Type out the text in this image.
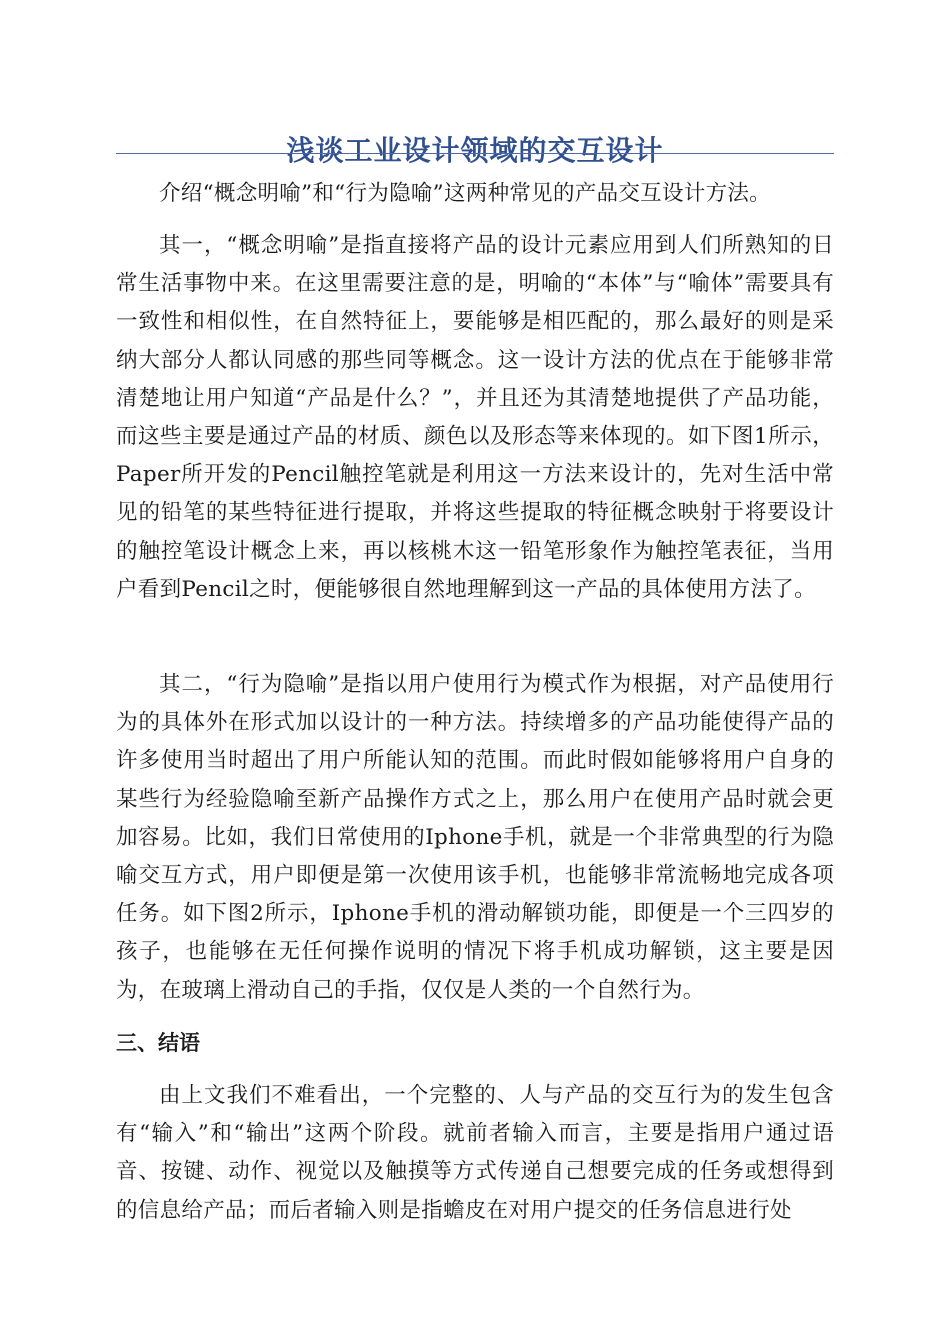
浅谈工业设计领域的交互设计

介绍“概念明喻”和“行为隐喻”这两种常见的产品交互设计方法。

其一，“概念明喻”是指直接将产品的设计元素应用到人们所熟知的日常生活事物中来。在这里需要注意的是，明喻的“本体”与“喻体”需要具有一致性和相似性，在自然特征上，要能够是相匹配的，那么最好的则是采纳大部分人都认同感的那些同等概念。这一设计方法的优点在于能够非常清楚地让用户知道“产品是什么？”，并且还为其清楚地提供了产品功能，而这些主要是通过产品的材质、颜色以及形态等来体现的。如下图1所示，Paper所开发的Pencil触控笔就是利用这一方法来设计的，先对生活中常见的铅笔的某些特征进行提取，并将这些提取的特征概念映射于将要设计的触控笔设计概念上来，再以核桃木这一铅笔形象作为触控笔表征，当用户看到Pencil之时，便能够很自然地理解到这一产品的具体使用方法了。

其二，“行为隐喻”是指以用户使用行为模式作为根据，对产品使用行为的具体外在形式加以设计的一种方法。持续增多的产品功能使得产品的许多使用当时超出了用户所能认知的范围。而此时假如能够将用户自身的某些行为经验隐喻至新产品操作方式之上，那么用户在使用产品时就会更加容易。比如，我们日常使用的Iphone手机，就是一个非常典型的行为隐喻交互方式，用户即便是第一次使用该手机，也能够非常流畅地完成各项任务。如下图2所示，Iphone手机的滑动解锁功能，即便是一个三四岁的孩子，也能够在无任何操作说明的情况下将手机成功解锁，这主要是因为，在玻璃上滑动自己的手指，仅仅是人类的一个自然行为。

三、结语

由上文我们不难看出，一个完整的、人与产品的交互行为的发生包含有“输入”和“输出”这两个阶段。就前者输入而言，主要是指用户通过语音、按键、动作、视觉以及触摸等方式传递自己想要完成的任务或想得到的信息给产品；而后者输入则是指蟾皮在对用户提交的任务信息进行处
